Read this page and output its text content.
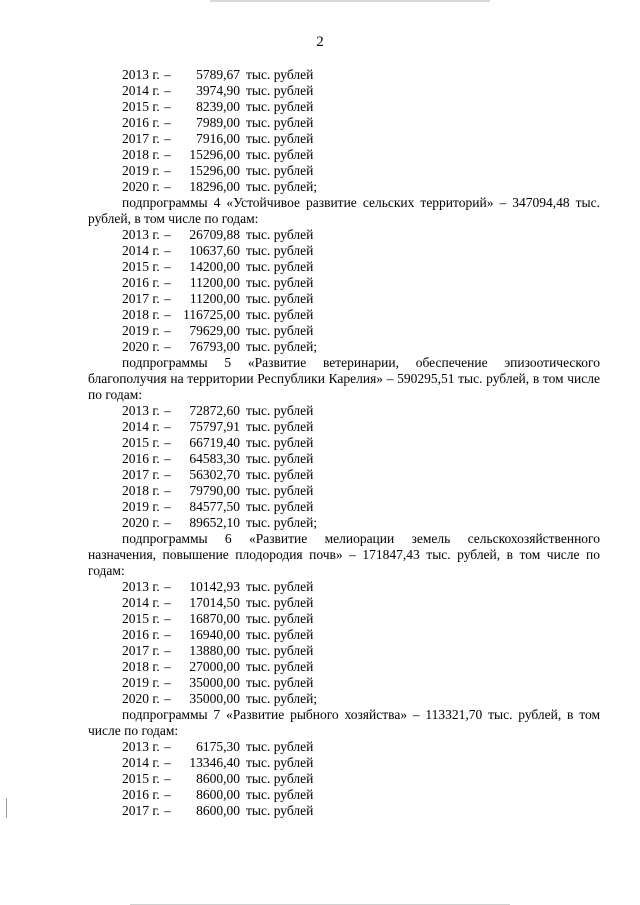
2
2013 г. – 5789,67 тыс. рублей
2014 г. – 3974,90 тыс. рублей
2015 г. – 8239,00 тыс. рублей
2016 г. – 7989,00 тыс. рублей
2017 г. – 7916,00 тыс. рублей
2018 г. – 15296,00 тыс. рублей
2019 г. – 15296,00 тыс. рублей
2020 г. – 18296,00 тыс. рублей;
подпрограммы 4 «Устойчивое развитие сельских территорий» – 347094,48 тыс. рублей, в том числе по годам:
2013 г. – 26709,88 тыс. рублей
2014 г. – 10637,60 тыс. рублей
2015 г. – 14200,00 тыс. рублей
2016 г. – 11200,00 тыс. рублей
2017 г. – 11200,00 тыс. рублей
2018 г. – 116725,00 тыс. рублей
2019 г. – 79629,00 тыс. рублей
2020 г. – 76793,00 тыс. рублей;
подпрограммы 5 «Развитие ветеринарии, обеспечение эпизоотического благополучия на территории Республики Карелия» – 590295,51 тыс. рублей, в том числе по годам:
2013 г. – 72872,60 тыс. рублей
2014 г. – 75797,91 тыс. рублей
2015 г. – 66719,40 тыс. рублей
2016 г. – 64583,30 тыс. рублей
2017 г. – 56302,70 тыс. рублей
2018 г. – 79790,00 тыс. рублей
2019 г. – 84577,50 тыс. рублей
2020 г. – 89652,10 тыс. рублей;
подпрограммы 6 «Развитие мелиорации земель сельскохозяйственного назначения, повышение плодородия почв» – 171847,43 тыс. рублей, в том числе по годам:
2013 г. – 10142,93 тыс. рублей
2014 г. – 17014,50 тыс. рублей
2015 г. – 16870,00 тыс. рублей
2016 г. – 16940,00 тыс. рублей
2017 г. – 13880,00 тыс. рублей
2018 г. – 27000,00 тыс. рублей
2019 г. – 35000,00 тыс. рублей
2020 г. – 35000,00 тыс. рублей;
подпрограммы 7 «Развитие рыбного хозяйства» – 113321,70 тыс. рублей, в том числе по годам:
2013 г. – 6175,30 тыс. рублей
2014 г. – 13346,40 тыс. рублей
2015 г. – 8600,00 тыс. рублей
2016 г. – 8600,00 тыс. рублей
2017 г. – 8600,00 тыс. рублей
